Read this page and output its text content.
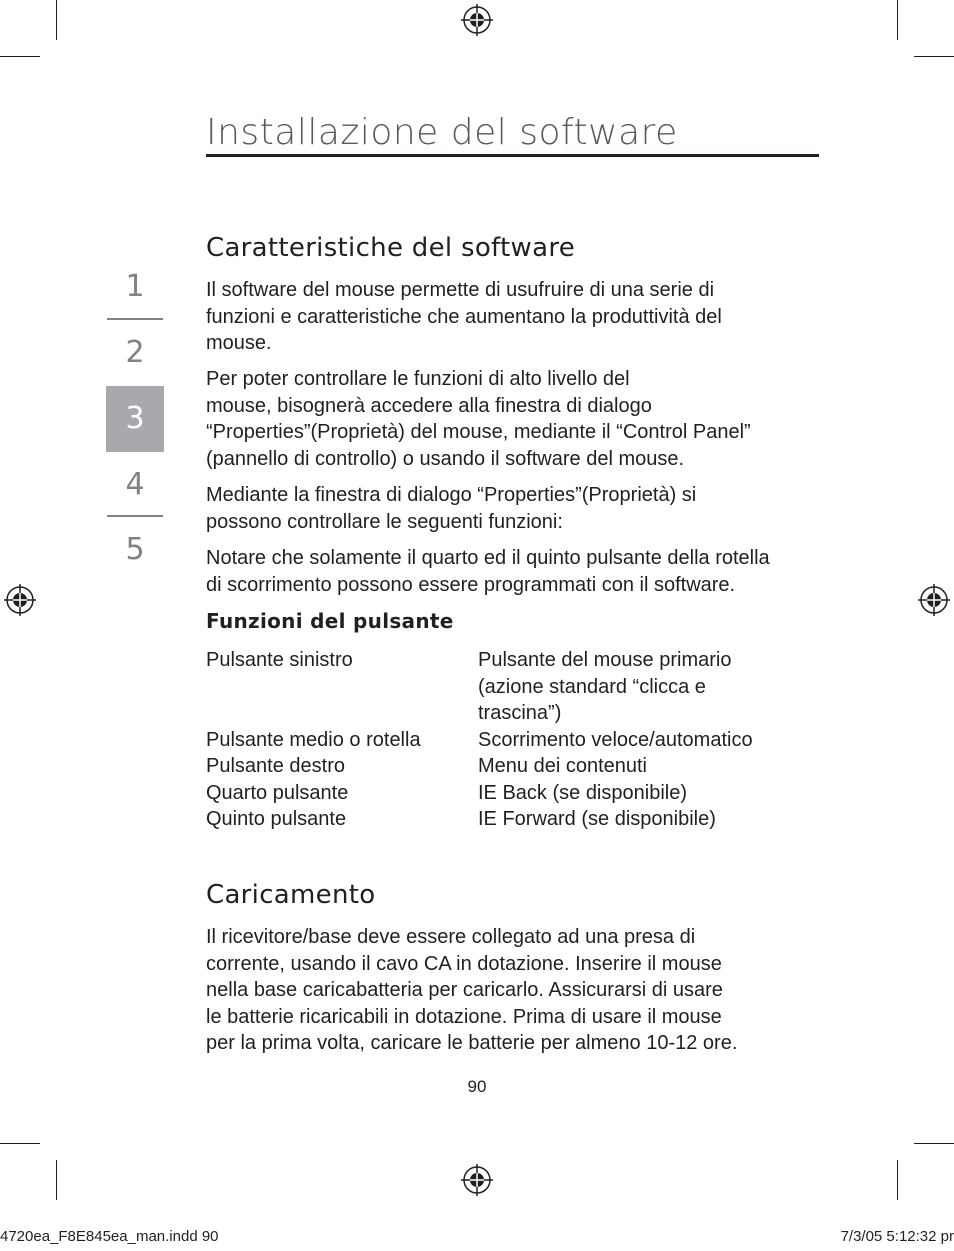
Installazione del software
1
2
3
4
5
Caratteristiche del software
Il software del mouse permette di usufruire di una serie di
funzioni e caratteristiche che aumentano la produttività del
mouse.
Per poter controllare le funzioni di alto livello del
mouse, bisognerà accedere alla finestra di dialogo
“Properties”(Proprietà) del mouse, mediante il “Control Panel”
(pannello di controllo) o usando il software del mouse.
Mediante la finestra di dialogo “Properties”(Proprietà) si
possono controllare le seguenti funzioni:
Notare che solamente il quarto ed il quinto pulsante della rotella
di scorrimento possono essere programmati con il software.
Funzioni del pulsante
Pulsante sinistro	Pulsante del mouse primario
(azione standard “clicca e
trascina”)
Pulsante medio o rotella	Scorrimento veloce/automatico
Pulsante destro	Menu dei contenuti
Quarto pulsante	IE Back (se disponibile)
Quinto pulsante	IE Forward (se disponibile)
Caricamento
Il ricevitore/base deve essere collegato ad una presa di
corrente, usando il cavo CA in dotazione. Inserire il mouse
nella base caricabatteria per caricarlo. Assicurarsi di usare
le batterie ricaricabili in dotazione. Prima di usare il mouse
per la prima volta, caricare le batterie per almeno 10-12 ore.
90
4720ea_F8E845ea_man.indd 90	7/3/05 5:12:32 pr
